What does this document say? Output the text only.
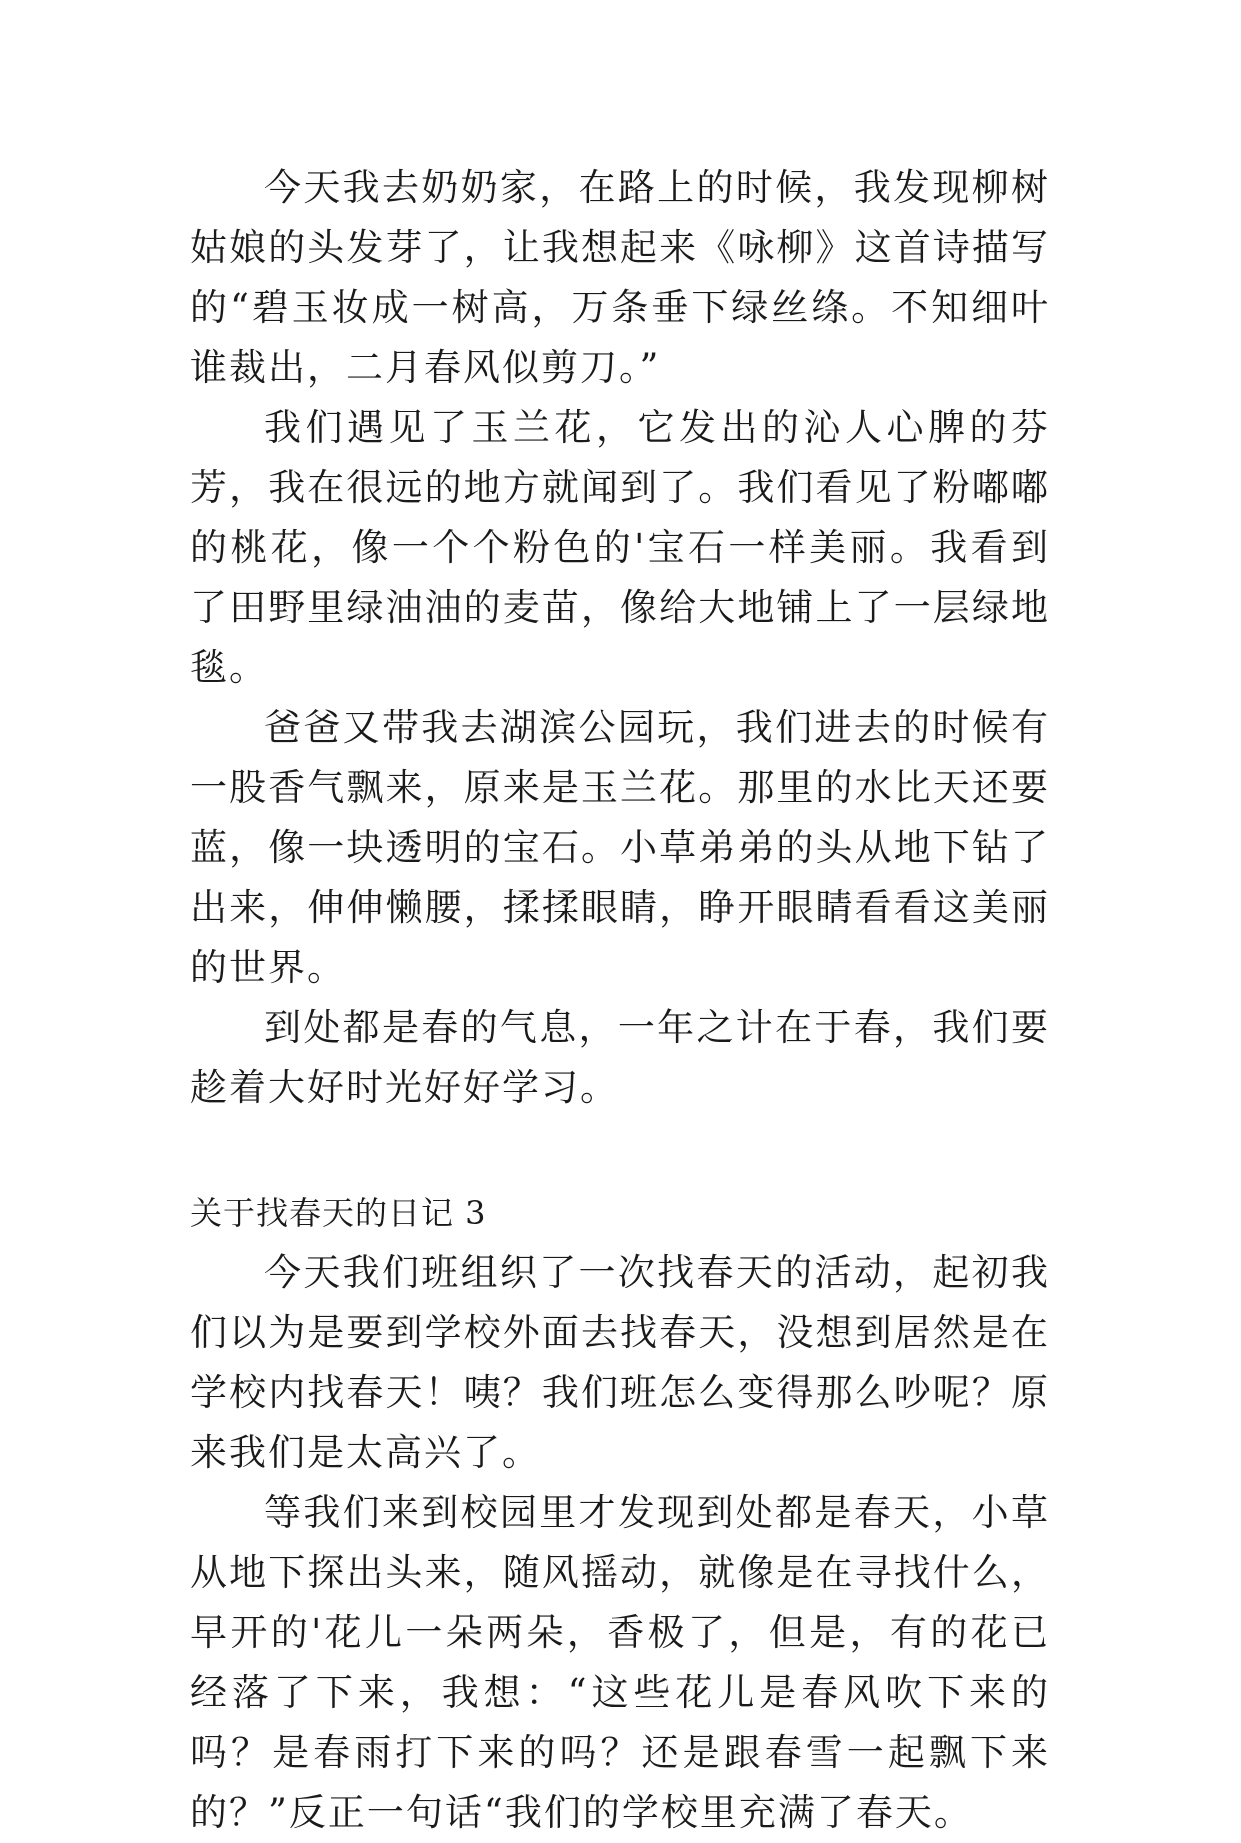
今天我去奶奶家，在路上的时候，我发现柳树姑娘的头发芽了，让我想起来《咏柳》这首诗描写的“碧玉妆成一树高，万条垂下绿丝绦。不知细叶谁裁出，二月春风似剪刀。”

我们遇见了玉兰花，它发出的沁人心脾的芬芳，我在很远的地方就闻到了。我们看见了粉嘟嘟的桃花，像一个个粉色的'宝石一样美丽。我看到了田野里绿油油的麦苗，像给大地铺上了一层绿地毯。

爸爸又带我去湖滨公园玩，我们进去的时候有一股香气飘来，原来是玉兰花。那里的水比天还要蓝，像一块透明的宝石。小草弟弟的头从地下钻了出来，伸伸懒腰，揉揉眼睛，睁开眼睛看看这美丽的世界。

到处都是春的气息，一年之计在于春，我们要趁着大好时光好好学习。

关于找春天的日记 3

今天我们班组织了一次找春天的活动，起初我们以为是要到学校外面去找春天，没想到居然是在学校内找春天！咦？我们班怎么变得那么吵呢？原来我们是太高兴了。

等我们来到校园里才发现到处都是春天，小草从地下探出头来，随风摇动，就像是在寻找什么，早开的'花儿一朵两朵，香极了，但是，有的花已经落了下来，我想：“这些花儿是春风吹下来的吗？是春雨打下来的吗？还是跟春雪一起飘下来的？”反正一句话“我们的学校里充满了春天。
